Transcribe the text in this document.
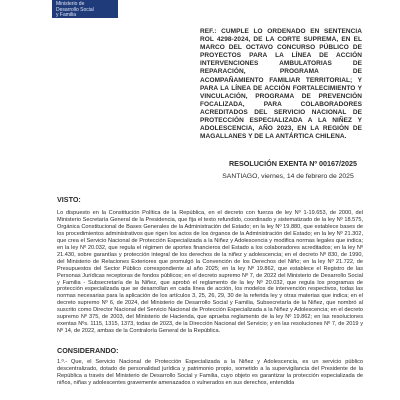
Ministerio de
Desarrollo Social
y Familia
REF.: CUMPLE LO ORDENADO EN SENTENCIA ROL 4298-2024, DE LA CORTE SUPREMA, EN EL MARCO DEL OCTAVO CONCURSO PÚBLICO DE PROYECTOS PARA LA LÍNEA DE ACCIÓN INTERVENCIONES AMBULATORIAS DE REPARACIÓN, PROGRAMA DE ACOMPAÑAMIENTO FAMILIAR TERRITORIAL; Y PARA LA LÍNEA DE ACCIÓN FORTALECIMIENTO Y VINCULACIÓN, PROGRAMA DE PREVENCIÓN FOCALIZADA, PARA COLABORADORES ACREDITADOS DEL SERVICIO NACIONAL DE PROTECCIÓN ESPECIALIZADA A LA NIÑEZ Y ADOLESCENCIA, AÑO 2023, EN LA REGIÓN DE MAGALLANES Y DE LA ANTÁRTICA CHILENA.
RESOLUCIÓN EXENTA Nº 00167/2025
SANTIAGO, viernes, 14 de febrero de 2025
VISTO:
Lo dispuesto en la Constitución Política de la República, en el decreto con fuerza de ley Nº 1-19.653, de 2000, del Ministerio Secretaría General de la Presidencia, que fija el texto refundido, coordinado y sistematizado de la ley Nº 18.575, Orgánica Constitucional de Bases Generales de la Administración del Estado; en la ley Nº 19.880, que establece bases de los procedimientos administrativos que rigen los actos de los órganos de la Administración del Estado; en la ley Nº 21.302, que crea el Servicio Nacional de Protección Especializada a la Niñez y Adolescencia y modifica normas legales que indica; en la ley Nº 20.032, que regula el régimen de aportes financieros del Estado a los colaboradores acreditados; en la ley Nº 21.430, sobre garantías y protección integral de los derechos de la niñez y adolescencia; en el decreto Nº 830, de 1990, del Ministerio de Relaciones Exteriores que promulgó la Convención de los Derechos del Niño; en la ley Nº 21.722, de Presupuestos del Sector Público correspondiente al año 2025; en la ley Nº 19.862, que establece el Registro de las Personas Jurídicas receptoras de fondos públicos; en el decreto supremo Nº 7, de 2022 del Ministerio de Desarrollo Social y Familia - Subsecretaría de la Niñez, que aprobó el reglamento de la ley Nº 20.032, que regula los programas de protección especializada que se desarrollan en cada línea de acción, los modelos de intervención respectivos, todas las normas necesarias para la aplicación de los artículos 3, 25, 26, 29, 30 de la referida ley y otras materias que indica; en el decreto supremo Nº 6, de 2024, del Ministerio de Desarrollo Social y Familia, Subsecretaría de la Niñez, que nombró al suscrito como Director Nacional del Servicio Nacional de Protección Especializada a la Niñez y Adolescencia; en el decreto supremo Nº 375, de 2003, del Ministerio de Hacienda, que aprueba reglamento de la ley Nº 19.862; en las resoluciones exentas Nºs. 1115, 1315, 1373, todas de 2023, de la Dirección Nacional del Servicio; y en las resoluciones Nº 7, de 2019 y Nº 14, de 2022, ambas de la Contraloría General de la República.
CONSIDERANDO:
1.º.- Que, el Servicio Nacional de Protección Especializada a la Niñez y Adolescencia, es un servicio público descentralizado, dotado de personalidad jurídica y patrimonio propio, sometido a la supervigilancia del Presidente de la República a través del Ministerio de Desarrollo Social y Familia, cuyo objeto es garantizar la protección especializada de niños, niñas y adolescentes gravemente amenazados o vulnerados en sus derechos, entendida
